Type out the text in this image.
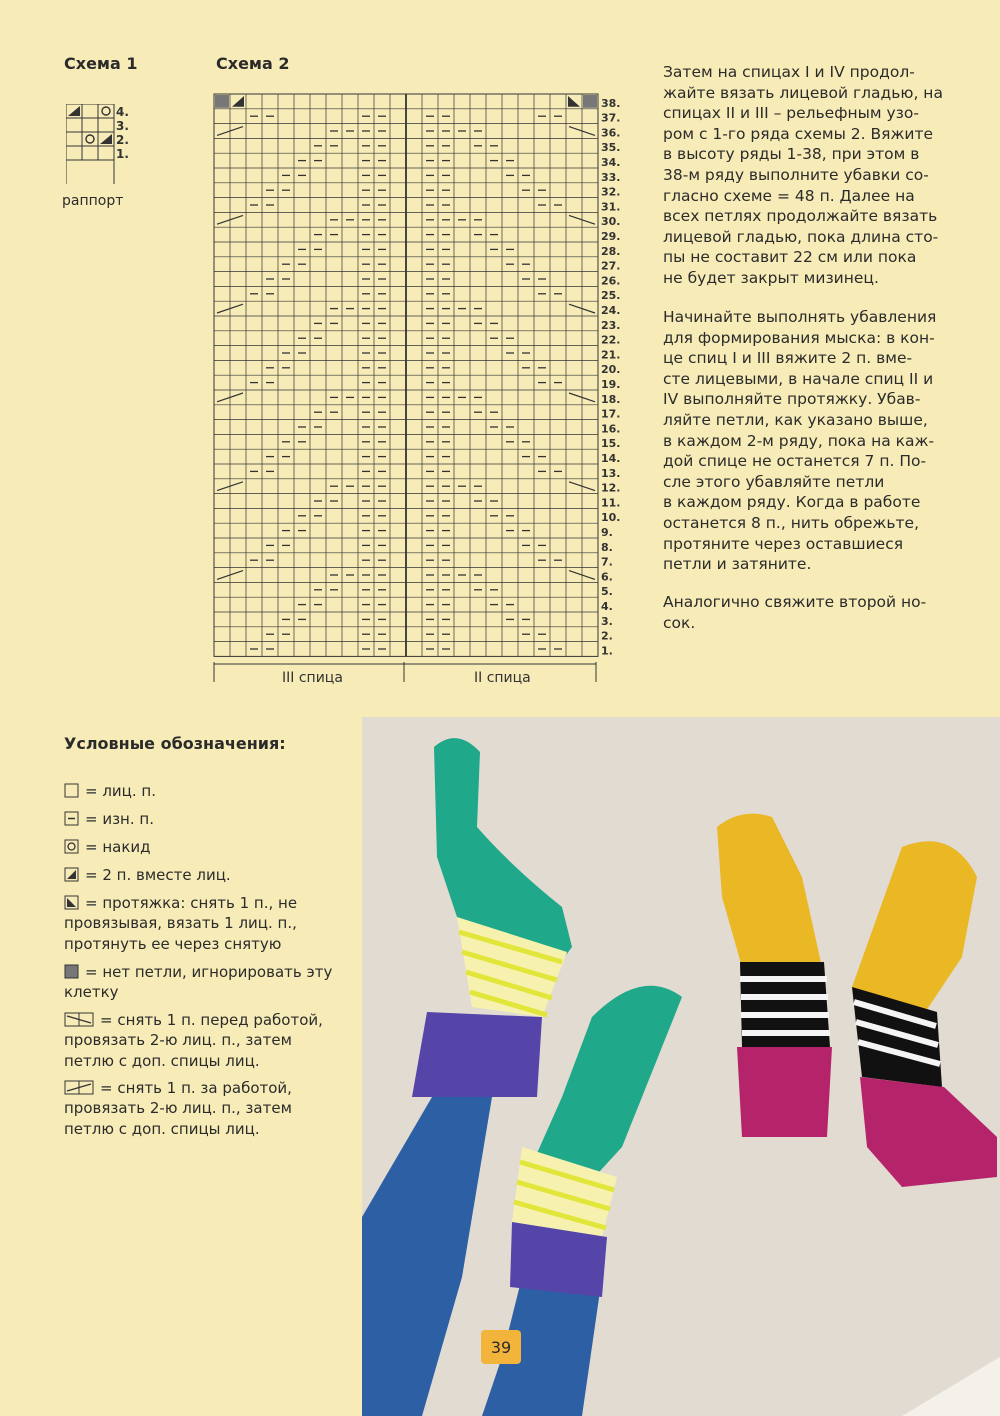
Схема 1
4.
3.
2.
1.
раппорт
Схема 2
1.
2.
3.
4.
5.
6.
7.
8.
9.
10.
11.
12.
13.
14.
15.
16.
17.
18.
19.
20.
21.
22.
23.
24.
25.
26.
27.
28.
29.
30.
31.
32.
33.
34.
35.
36.
37.
38.
III спица	II спица
Затем на спицах I и IV продол-
жайте вязать лицевой гладью, на
спицах II и III – рельефным узо-
ром с 1-го ряда схемы 2. Вяжите
в высоту ряды 1-38, при этом в
38-м ряду выполните убавки со-
гласно схеме = 48 п. Далее на
всех петлях продолжайте вязать
лицевой гладью, пока длина сто-
пы не составит 22 см или пока
не будет закрыт мизинец.
Начинайте выполнять убавления
для формирования мыска: в кон-
це спиц I и III вяжите 2 п. вме-
сте лицевыми, в начале спиц II и
IV выполняйте протяжку. Убав-
ляйте петли, как указано выше,
в каждом 2-м ряду, пока на каж-
дой спице не останется 7 п. По-
сле этого убавляйте петли
в каждом ряду. Когда в работе
останется 8 п., нить обрежьте,
протяните через оставшиеся
петли и затяните.
Аналогично свяжите второй но-
сок.
Условные обозначения:

= лиц. п.

= изн. п.

= накид

= 2 п. вместе лиц.

= протяжка: снять 1 п., не
провязывая, вязать 1 лиц. п.,
протянуть ее через снятую

= нет петли, игнорировать эту
клетку

= снять 1 п. перед работой,
провязать 2-ю лиц. п., затем
петлю с доп. спицы лиц.

= снять 1 п. за работой,
провязать 2-ю лиц. п., затем
петлю с доп. спицы лиц.

39
